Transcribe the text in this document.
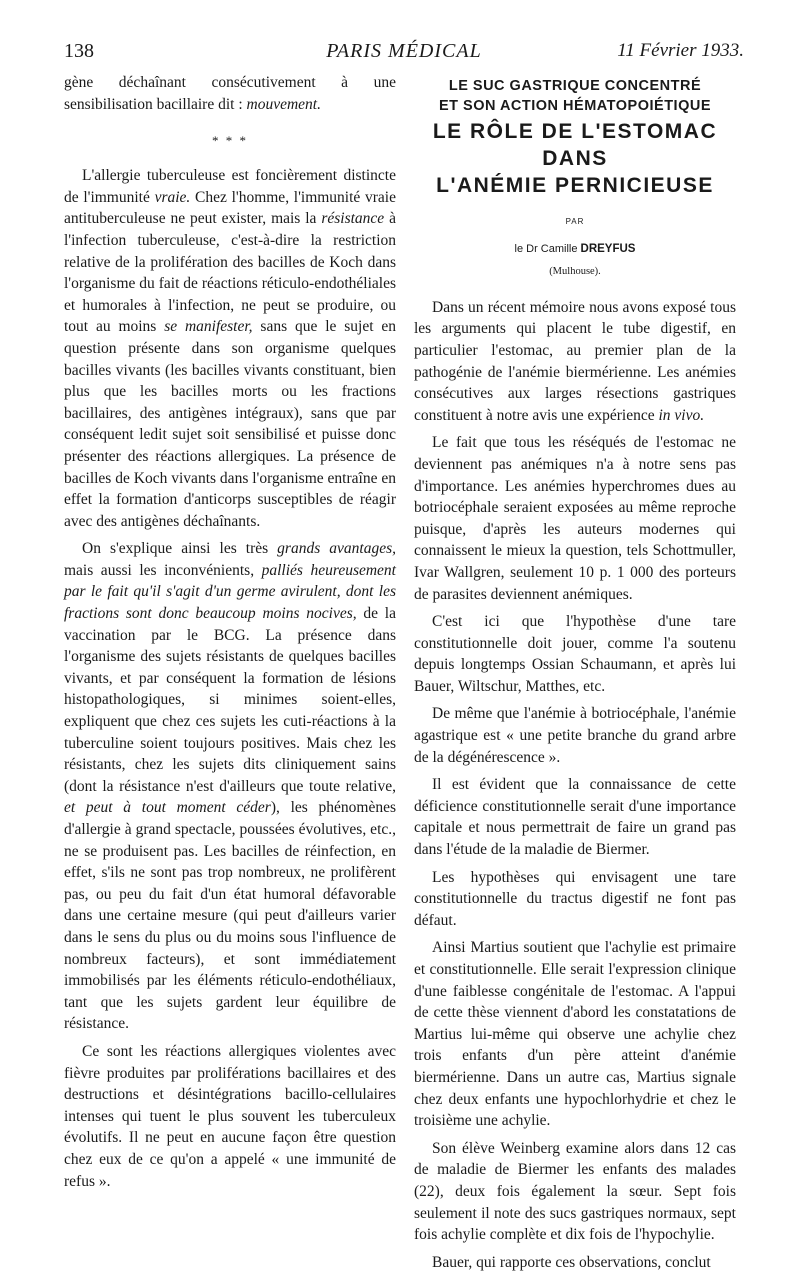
138	PARIS MÉDICAL	11 Février 1933.

gène déchaînant consécutivement à une sensibilisation bacillaire dit : mouvement.

* * *

L'allergie tuberculeuse est foncièrement distincte de l'immunité vraie. Chez l'homme, l'immunité vraie antituberculeuse ne peut exister, mais la résistance à l'infection tuberculeuse, c'est-à-dire la restriction relative de la prolifération des bacilles de Koch dans l'organisme du fait de réactions réticulo-endothéliales et humorales à l'infection, ne peut se produire, ou tout au moins se manifester, sans que le sujet en question présente dans son organisme quelques bacilles vivants (les bacilles vivants constituant, bien plus que les bacilles morts ou les fractions bacillaires, des antigènes intégraux), sans que par conséquent ledit sujet soit sensibilisé et puisse donc présenter des réactions allergiques. La présence de bacilles de Koch vivants dans l'organisme entraîne en effet la formation d'anticorps susceptibles de réagir avec des antigènes déchaînants.

On s'explique ainsi les très grands avantages, mais aussi les inconvénients, palliés heureusement par le fait qu'il s'agit d'un germe avirulent, dont les fractions sont donc beaucoup moins nocives, de la vaccination par le BCG. La présence dans l'organisme des sujets résistants de quelques bacilles vivants, et par conséquent la formation de lésions histopathologiques, si minimes soient-elles, expliquent que chez ces sujets les cuti-réactions à la tuberculine soient toujours positives. Mais chez les résistants, chez les sujets dits cliniquement sains (dont la résistance n'est d'ailleurs que toute relative, et peut à tout moment céder), les phénomènes d'allergie à grand spectacle, poussées évolutives, etc., ne se produisent pas. Les bacilles de réinfection, en effet, s'ils ne sont pas trop nombreux, ne prolifèrent pas, ou peu du fait d'un état humoral défavorable dans une certaine mesure (qui peut d'ailleurs varier dans le sens du plus ou du moins sous l'influence de nombreux facteurs), et sont immédiatement immobilisés par les éléments réticulo-endothéliaux, tant que les sujets gardent leur équilibre de résistance.

Ce sont les réactions allergiques violentes avec fièvre produites par proliférations bacillaires et des destructions et désintégrations bacillo-cellulaires intenses qui tuent le plus souvent les tuberculeux évolutifs. Il ne peut en aucune façon être question chez eux de ce qu'on a appelé « une immunité de refus ».

LE SUC GASTRIQUE CONCENTRÉ
ET SON ACTION HÉMATOPOIÉTIQUE
LE RÔLE DE L'ESTOMAC
DANS
L'ANÉMIE PERNICIEUSE
PAR
le Dr Camille DREYFUS
(Mulhouse).

Dans un récent mémoire nous avons exposé tous les arguments qui placent le tube digestif, en particulier l'estomac, au premier plan de la pathogénie de l'anémie biermérienne. Les anémies consécutives aux larges résections gastriques constituent à notre avis une expérience in vivo.

Le fait que tous les réséqués de l'estomac ne deviennent pas anémiques n'a à notre sens pas d'importance. Les anémies hyperchromes dues au botriocéphale seraient exposées au même reproche puisque, d'après les auteurs modernes qui connaissent le mieux la question, tels Schottmuller, Ivar Wallgren, seulement 10 p. 1 000 des porteurs de parasites deviennent anémiques.

C'est ici que l'hypothèse d'une tare constitutionnelle doit jouer, comme l'a soutenu depuis longtemps Ossian Schaumann, et après lui Bauer, Wiltschur, Matthes, etc.

De même que l'anémie à botriocéphale, l'anémie agastrique est « une petite branche du grand arbre de la dégénérescence ».

Il est évident que la connaissance de cette déficience constitutionnelle serait d'une importance capitale et nous permettrait de faire un grand pas dans l'étude de la maladie de Biermer.

Les hypothèses qui envisagent une tare constitutionnelle du tractus digestif ne font pas défaut.

Ainsi Martius soutient que l'achylie est primaire et constitutionnelle. Elle serait l'expression clinique d'une faiblesse congénitale de l'estomac. A l'appui de cette thèse viennent d'abord les constatations de Martius lui-même qui observe une achylie chez trois enfants d'un père atteint d'anémie biermérienne. Dans un autre cas, Martius signale chez deux enfants une hypochlorhydrie et chez le troisième une achylie.

Son élève Weinberg examine alors dans 12 cas de maladie de Biermer les enfants des malades (22), deux fois également la sœur. Sept fois seulement il note des sucs gastriques normaux, sept fois achylie complète et dix fois de l'hypochylie.

Bauer, qui rapporte ces observations, conclut
